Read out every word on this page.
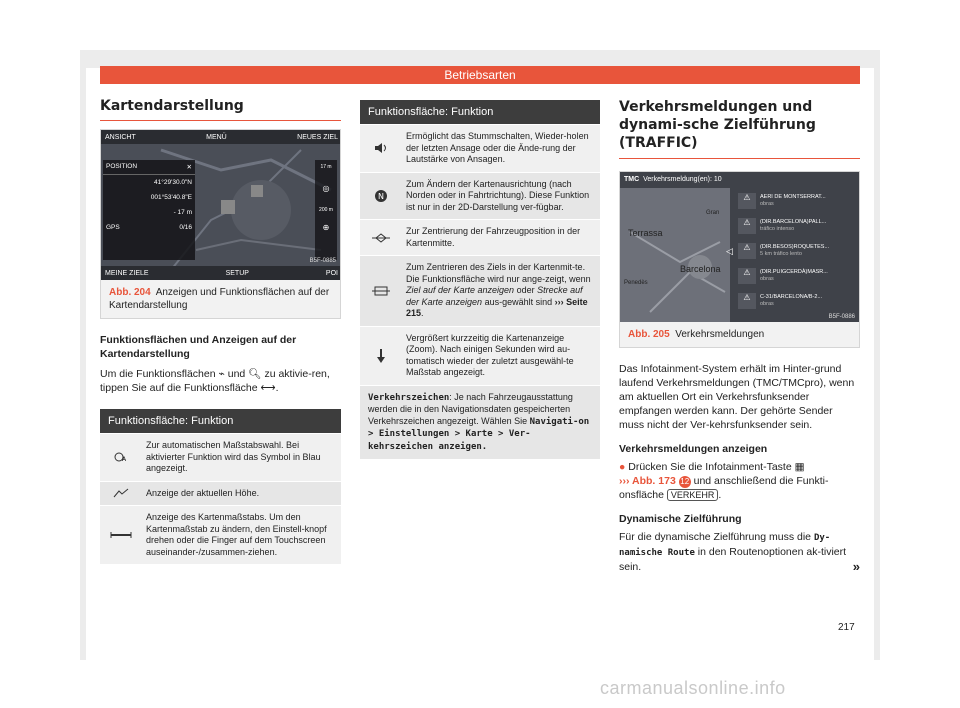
Betriebsarten
Kartendarstellung
ANSICHT	MENÜ	NEUES ZIEL
POSITION	✕
41°29'30.0"N
001°53'40.8"E
- 17 m
GPS	0/16
17 m
◎
200 m
⊕
MEINE ZIELE	SETUP	POI
B5F-0885
Abb. 204 Anzeigen und Funktionsflächen auf der Kartendarstellung
Funktionsflächen und Anzeigen auf der Kartendarstellung

Um die Funktionsflächen ⌁ und 🔍︎ zu aktivie-ren, tippen Sie auf die Funktionsfläche ⟷.

Funktionsfläche: Funktion
A
Zur automatischen Maßstabswahl. Bei aktivierter Funktion wird das Symbol in Blau angezeigt.
Anzeige der aktuellen Höhe.
Anzeige des Kartenmaßstabs. Um den Kartenmaßstab zu ändern, den Einstell-knopf drehen oder die Finger auf dem Touchscreen auseinander-/zusammen-ziehen.
Funktionsfläche: Funktion
Ermöglicht das Stummschalten, Wieder-holen der letzten Ansage oder die Ände-rung der Lautstärke von Ansagen.
N
Zum Ändern der Kartenausrichtung (nach Norden oder in Fahrtrichtung). Diese Funktion ist nur in der 2D-Darstellung ver-fügbar.
Zur Zentrierung der Fahrzeugposition in der Kartenmitte.
Zum Zentrieren des Ziels in der Kartenmit-te. Die Funktionsfläche wird nur ange-zeigt, wenn Ziel auf der Karte anzeigen oder Strecke auf der Karte anzeigen aus-gewählt sind ››› Seite 215.
Vergrößert kurzzeitig die Kartenanzeige (Zoom). Nach einigen Sekunden wird au-tomatisch wieder der zuletzt ausgewähl-te Maßstab angezeigt.
Verkehrszeichen: Je nach Fahrzeugausstattung werden die in den Navigationsdaten gespeicherten Verkehrszeichen angezeigt. Wählen Sie Navigati-on > Einstellungen > Karte > Ver-kehrszeichen anzeigen.
Verkehrsmeldungen und dynami-sche Zielführung (TRAFFIC)
TMC Verkehrsmeldung(en): 10
Terrassa
Gran
Barcelona
Penedès
◁
⚠	AERI DE MONTSERRAT...
obras
⚠	(DIR.BARCELONA)PALL...
tráfico intenso
⚠	(DIR.BESOS)ROQUETES...
5 km tráfico lento
⚠	(DIR.PUIGCERDÀ)MASR...
obras
⚠	C-31/BARCELONA/B-2...
obras
B5F-0886
Abb. 205 Verkehrsmeldungen

Das Infotainment-System erhält im Hinter-grund laufend Verkehrsmeldungen (TMC/TMCpro), wenn am aktuellen Ort ein Verkehrsfunksender empfangen werden kann. Der gehörte Sender muss nicht der Ver-kehrsfunksender sein.

Verkehrsmeldungen anzeigen

● Drücken Sie die Infotainment-Taste ▦
››› Abb. 173 12 und anschließend die Funkti-onsfläche VERKEHR .

Dynamische Zielführung

Für die dynamische Zielführung muss die Dy-namische Route in den Routenoptionen ak-tiviert sein.	»

217
carmanualsonline.info
